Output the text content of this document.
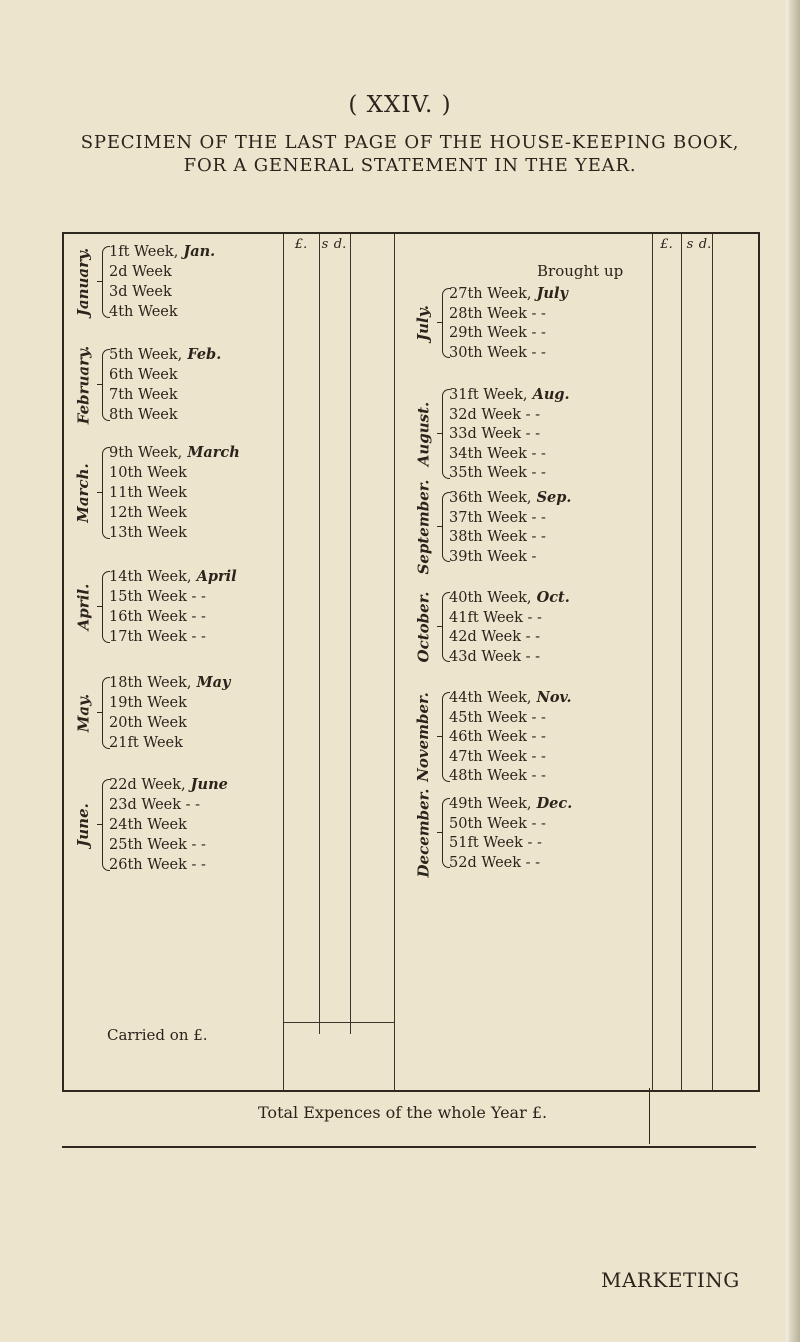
( XXIV. )
SPECIMEN OF THE LAST PAGE OF THE HOUSE-KEEPING BOOK,
FOR A GENERAL STATEMENT IN THE YEAR.
£.	s d.	£.	s d.
Brought up
January. 1ft Week, Jan.
2d Week
3d Week
4th Week
February. 5th Week, Feb.
6th Week
7th Week
8th Week
March.
9th Week, March
10th Week
11th Week
12th Week
13th Week
April.
14th Week, April
15th Week - -
16th Week - -
17th Week - -
May.
18th Week, May
19th Week
20th Week
21ft Week
June.
22d Week, June
23d Week - -
24th Week
25th Week - -
26th Week - -
July.
27th Week, July
28th Week - -
29th Week - -
30th Week - -
August.
31ft Week, Aug.
32d Week - -
33d Week - -
34th Week - -
35th Week - -
September. 36th Week, Sep.
37th Week - -
38th Week - -
39th Week -
October. 40th Week, Oct.
41ft Week - -
42d Week - -
43d Week - -
November. 44th Week, Nov.
45th Week - -
46th Week - -
47th Week - -
48th Week - -
December. 49th Week, Dec.
50th Week - -
51ft Week - -
52d Week - -
Carried on £.
Total Expences of the whole Year £.
MARKETING
